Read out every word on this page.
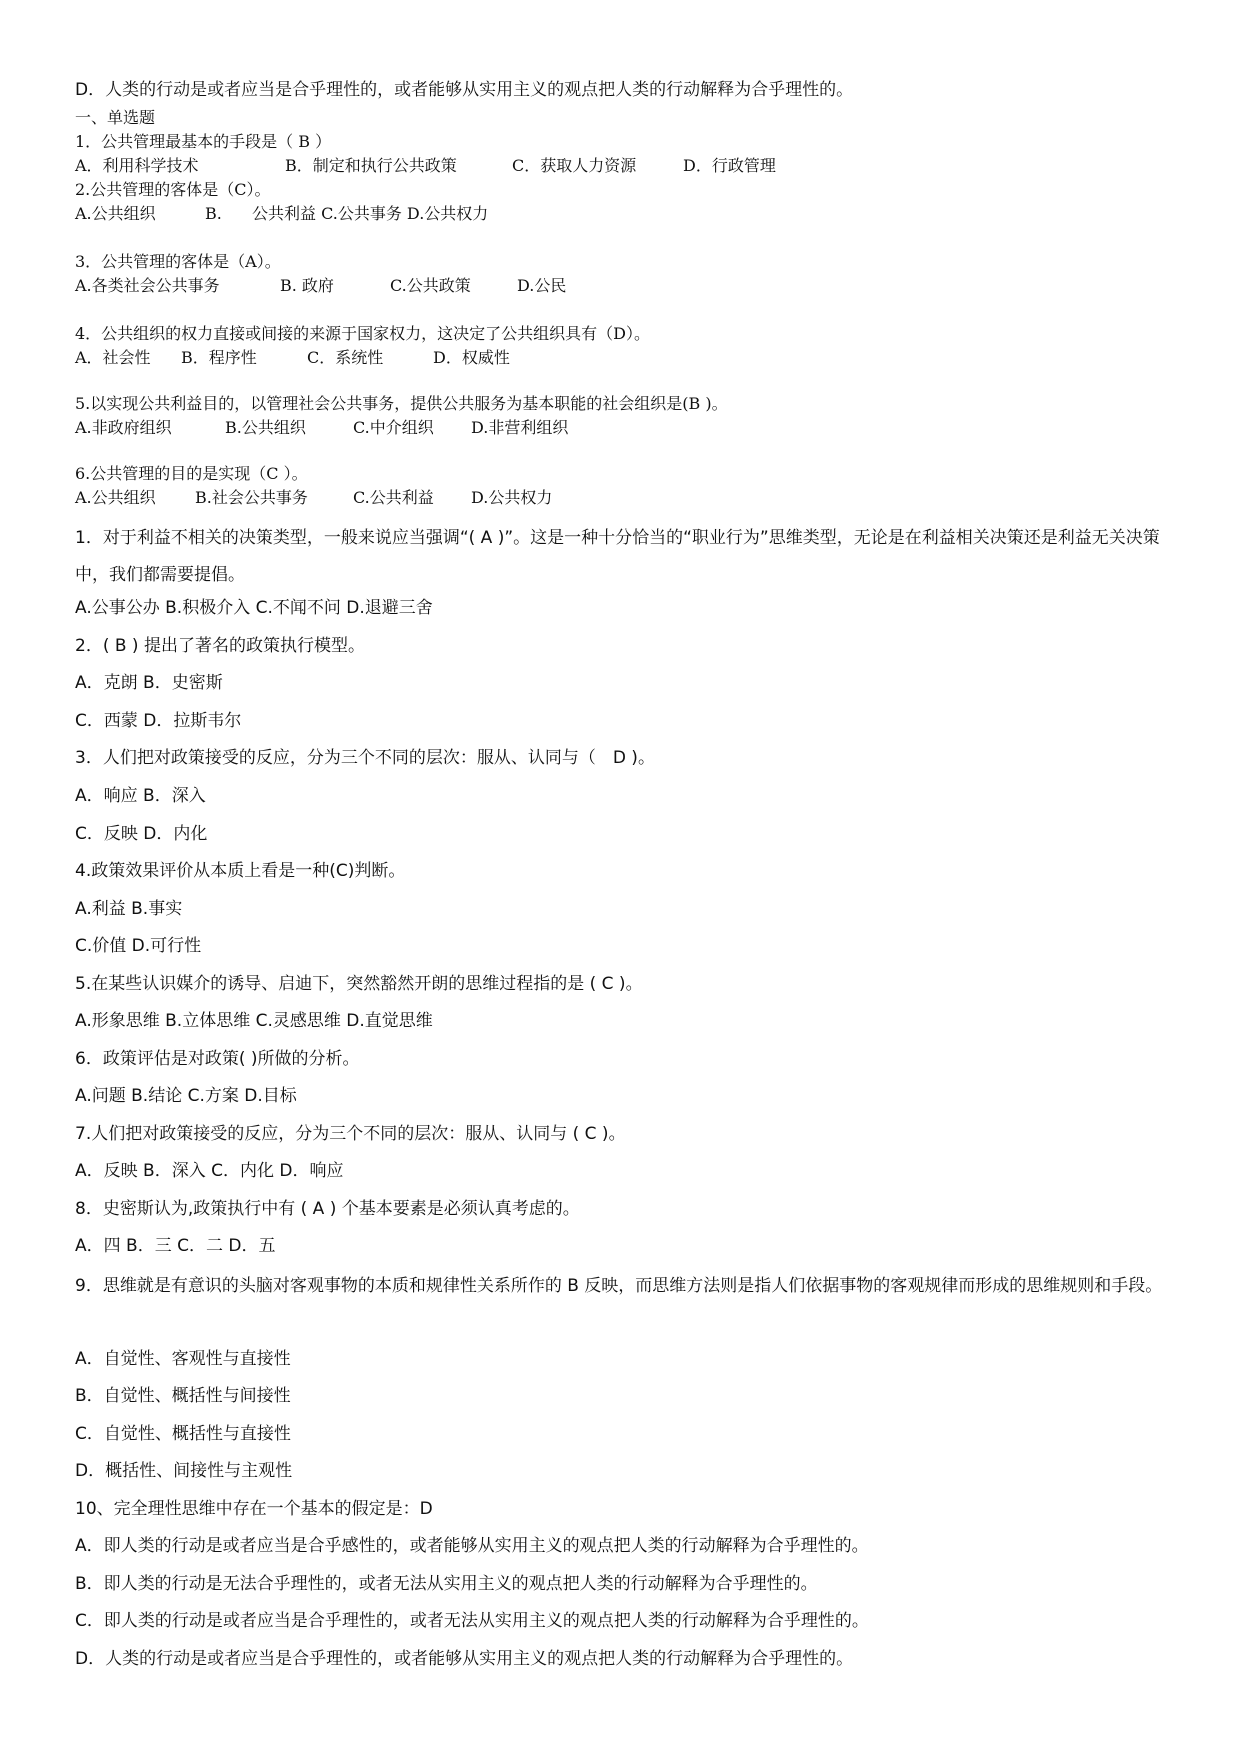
D．人类的行动是或者应当是合乎理性的，或者能够从实用主义的观点把人类的行动解释为合乎理性的。
一、单选题
1．公共管理最基本的手段是（ B ）
A．利用科学技术	B．制定和执行公共政策	C．获取人力资源	D．行政管理
2.公共管理的客体是（C）。
A.公共组织	B. 公共利益 C.公共事务 D.公共权力
3．公共管理的客体是（A）。
A.各类社会公共事务	B. 政府	C.公共政策	D.公民
4．公共组织的权力直接或间接的来源于国家权力，这决定了公共组织具有（D）。
A．社会性 B．程序性	C．系统性	D．权威性
5.以实现公共利益目的，以管理社会公共事务，提供公共服务为基本职能的社会组织是(B )。
A.非政府组织	B.公共组织	C.中介组织 D.非营利组织
6.公共管理的目的是实现（C ）。
A.公共组织 B.社会公共事务	C.公共利益 D.公共权力
1．对于利益不相关的决策类型，一般来说应当强调“( A )”。这是一种十分恰当的“职业行为”思维类型，无论是在利益相关决策还是利益无关决策中，我们都需要提倡。
A.公事公办 B.积极介入 C.不闻不问 D.退避三舍
2．( B ) 提出了著名的政策执行模型。
A．克朗 B．史密斯
C．西蒙 D．拉斯韦尔
3．人们把对政策接受的反应，分为三个不同的层次：服从、认同与（　D )。
A．响应 B．深入
C．反映 D．内化
4.政策效果评价从本质上看是一种(C)判断。
A.利益 B.事实
C.价值 D.可行性
5.在某些认识媒介的诱导、启迪下，突然豁然开朗的思维过程指的是 ( C )。
A.形象思维 B.立体思维 C.灵感思维 D.直觉思维
6．政策评估是对政策( )所做的分析。
A.问题 B.结论 C.方案 D.目标
7.人们把对政策接受的反应，分为三个不同的层次：服从、认同与 ( C )。
A．反映 B．深入 C．内化 D．响应
8．史密斯认为,政策执行中有 ( A ) 个基本要素是必须认真考虑的。
A．四 B．三 C．二 D．五
9．思维就是有意识的头脑对客观事物的本质和规律性关系所作的 B 反映，而思维方法则是指人们依据事物的客观规律而形成的思维规则和手段。
A．自觉性、客观性与直接性
B．自觉性、概括性与间接性
C．自觉性、概括性与直接性
D．概括性、间接性与主观性
10、完全理性思维中存在一个基本的假定是：D
A．即人类的行动是或者应当是合乎感性的，或者能够从实用主义的观点把人类的行动解释为合乎理性的。
B．即人类的行动是无法合乎理性的，或者无法从实用主义的观点把人类的行动解释为合乎理性的。
C．即人类的行动是或者应当是合乎理性的，或者无法从实用主义的观点把人类的行动解释为合乎理性的。
D．人类的行动是或者应当是合乎理性的，或者能够从实用主义的观点把人类的行动解释为合乎理性的。
